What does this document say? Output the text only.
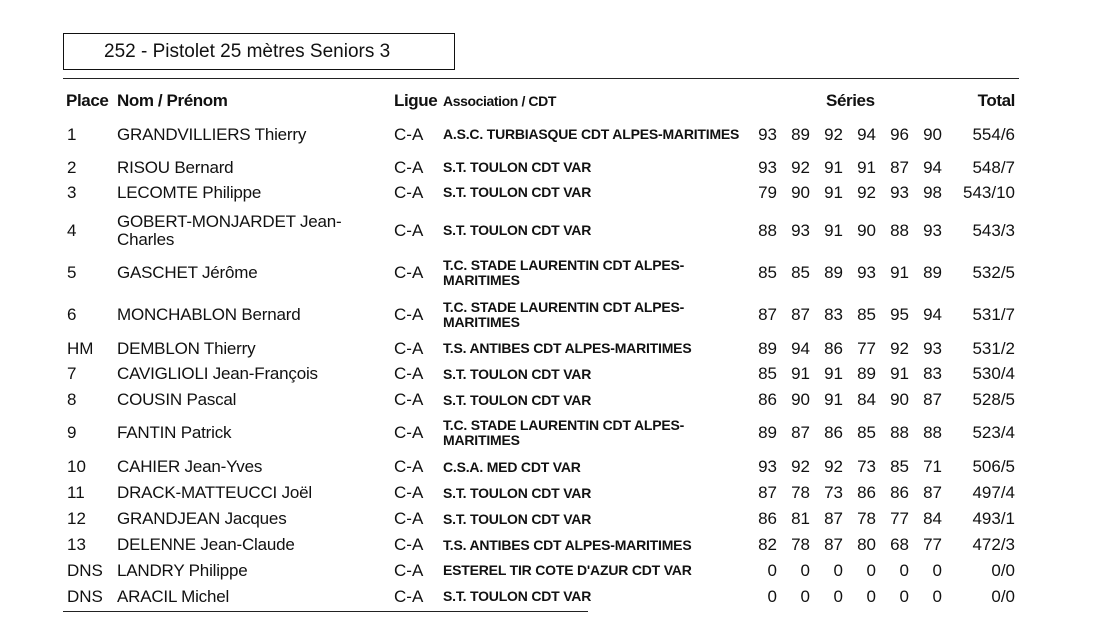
252 - Pistolet 25 mètres Seniors 3
Place Nom / Prénom	Ligue Association / CDT	Séries	Total
1 GRANDVILLIERS Thierry	C-A A.S.C. TURBIASQUE CDT ALPES-MARITIMES	93 89 92 94 96 90 554/6
2 RISOU Bernard	C-A S.T. TOULON CDT VAR	93 92 91 91 87 94 548/7
3 LECOMTE Philippe	C-A S.T. TOULON CDT VAR	79 90 91 92 93 98 543/10
4 GOBERT-MONJARDET Jean-Charles	C-A S.T. TOULON CDT VAR	88 93 91 90 88 93 543/3
5 GASCHET Jérôme	C-A T.C. STADE LAURENTIN CDT ALPES-MARITIMES	85 85 89 93 91 89 532/5
6 MONCHABLON Bernard	C-A T.C. STADE LAURENTIN CDT ALPES-MARITIMES	87 87 83 85 95 94 531/7
HM DEMBLON Thierry	C-A T.S. ANTIBES CDT ALPES-MARITIMES	89 94 86 77 92 93 531/2
7 CAVIGLIOLI Jean-François	C-A S.T. TOULON CDT VAR	85 91 91 89 91 83 530/4
8 COUSIN Pascal	C-A S.T. TOULON CDT VAR	86 90 91 84 90 87 528/5
9 FANTIN Patrick	C-A T.C. STADE LAURENTIN CDT ALPES-MARITIMES	89 87 86 85 88 88 523/4
10 CAHIER Jean-Yves	C-A C.S.A. MED CDT VAR	93 92 92 73 85 71 506/5
11 DRACK-MATTEUCCI Joël	C-A S.T. TOULON CDT VAR	87 78 73 86 86 87 497/4
12 GRANDJEAN Jacques	C-A S.T. TOULON CDT VAR	86 81 87 78 77 84 493/1
13 DELENNE Jean-Claude	C-A T.S. ANTIBES CDT ALPES-MARITIMES	82 78 87 80 68 77 472/3
DNS LANDRY Philippe	C-A ESTEREL TIR COTE D'AZUR CDT VAR	0	0	0	0	0	0	0/0
DNS ARACIL Michel	C-A S.T. TOULON CDT VAR	0	0	0	0	0	0	0/0
